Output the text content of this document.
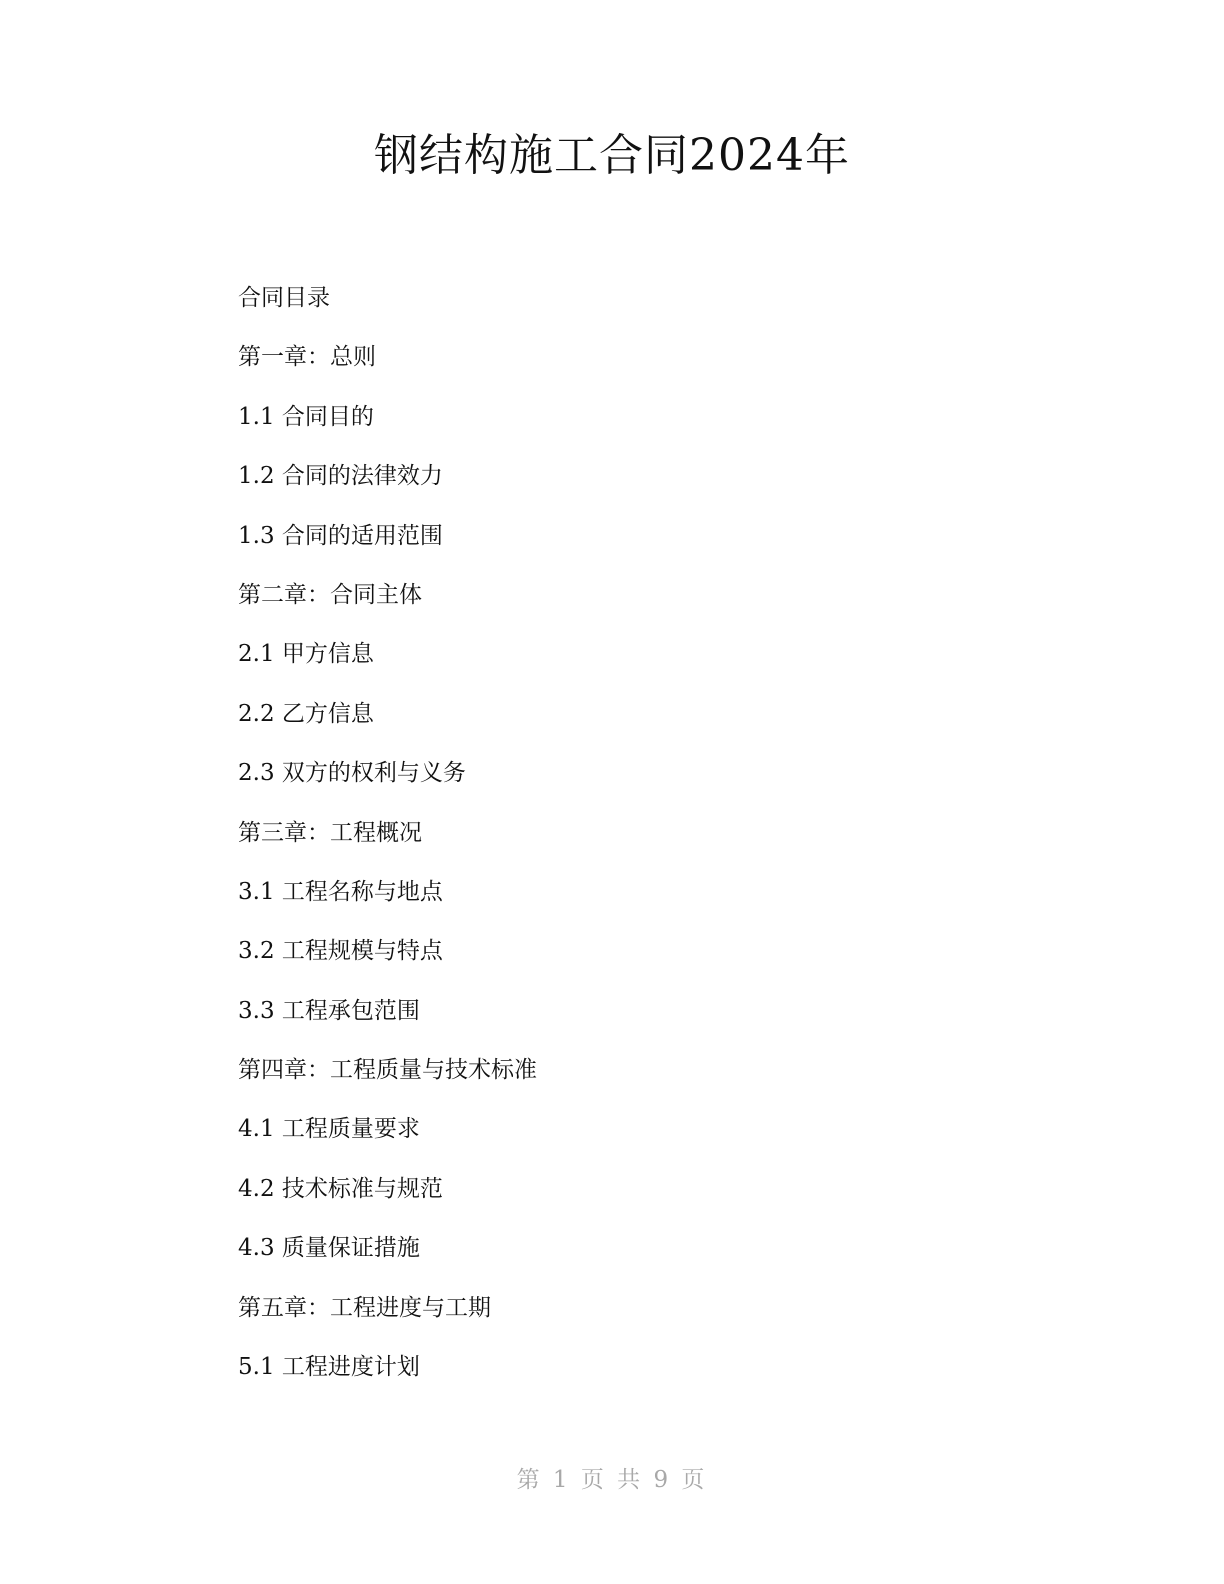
钢结构施工合同2024年
合同目录
第一章：总则
1.1 合同目的
1.2 合同的法律效力
1.3 合同的适用范围
第二章：合同主体
2.1 甲方信息
2.2 乙方信息
2.3 双方的权利与义务
第三章：工程概况
3.1 工程名称与地点
3.2 工程规模与特点
3.3 工程承包范围
第四章：工程质量与技术标准
4.1 工程质量要求
4.2 技术标准与规范
4.3 质量保证措施
第五章：工程进度与工期
5.1 工程进度计划
第 1 页 共 9 页
